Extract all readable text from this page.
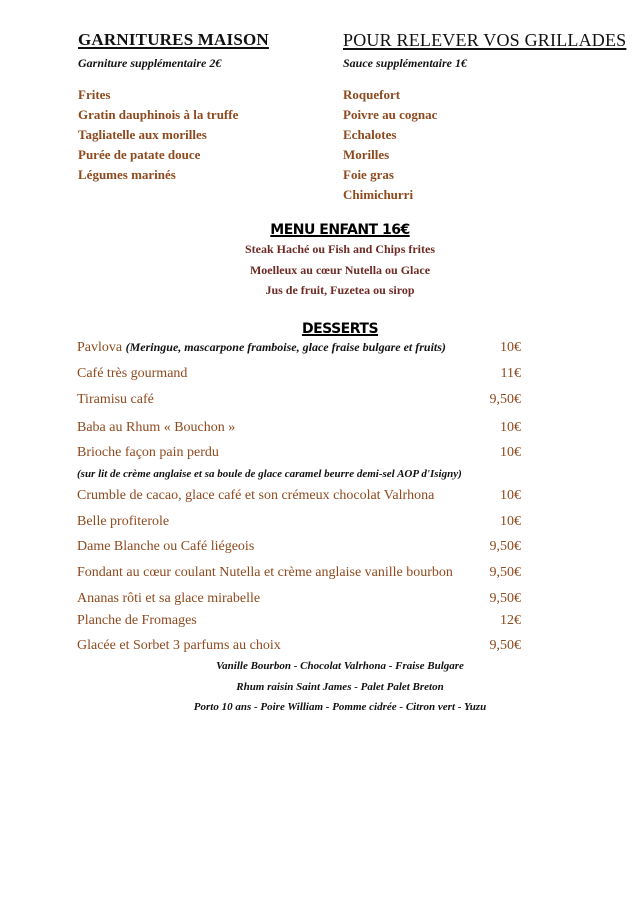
GARNITURES MAISON
Garniture supplémentaire 2€
Frites
Gratin dauphinois à la truffe
Tagliatelle aux morilles
Purée de patate douce
Légumes marinés
POUR RELEVER VOS GRILLADES
Sauce supplémentaire 1€
Roquefort
Poivre au cognac
Echalotes
Morilles
Foie gras
Chimichurri
MENU ENFANT 16€
Steak Haché ou Fish and Chips frites
Moelleux au cœur Nutella ou Glace
Jus de fruit, Fuzetea ou sirop
DESSERTS
Pavlova (Meringue, mascarpone framboise, glace fraise bulgare et fruits)	10€
Café très gourmand	11€
Tiramisu café	9,50€
Baba au Rhum « Bouchon »	10€
Brioche façon pain perdu	10€
(sur lit de crème anglaise et sa boule de glace caramel beurre demi-sel AOP d'Isigny)
Crumble de cacao, glace café et son crémeux chocolat Valrhona	10€
Belle profiterole	10€
Dame Blanche ou Café liégeois	9,50€
Fondant au cœur coulant Nutella et crème anglaise vanille bourbon	9,50€
Ananas rôti et sa glace mirabelle	9,50€
Planche de Fromages	12€
Glacée et Sorbet 3 parfums au choix	9,50€
Vanille Bourbon - Chocolat Valrhona - Fraise Bulgare
Rhum raisin Saint James - Palet Palet Breton
Porto 10 ans - Poire William - Pomme cidrée - Citron vert - Yuzu
